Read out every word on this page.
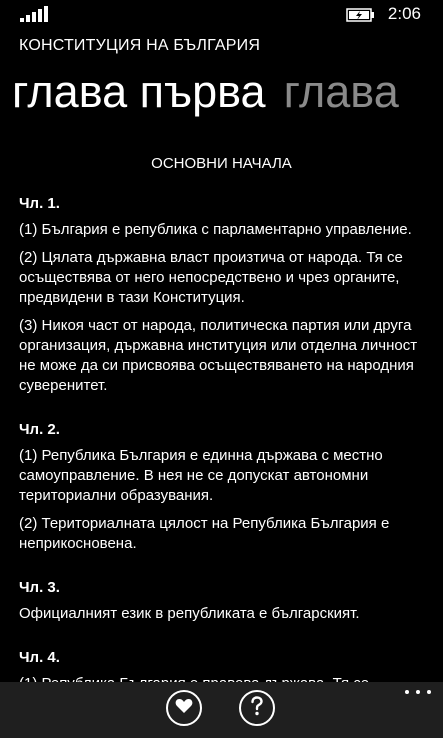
2:06
КОНСТИТУЦИЯ НА БЪЛГАРИЯ
глава първа глава
ОСНОВНИ НАЧАЛА
Чл. 1.
(1) България е република с парламентарно управление.
(2) Цялата държавна власт произтича от народа. Тя се осъществява от него непосредствено и чрез органите, предвидени в тази Конституция.
(3) Никоя част от народа, политическа партия или друга организация, държавна институция или отделна личност не може да си присвоява осъществяването на народния суверенитет.
Чл. 2.
(1) Република България е единна държава с местно самоуправление. В нея не се допускат автономни териториални образувания.
(2) Териториалната цялост на Република България е неприкосновена.
Чл. 3.
Официалният език в републиката е българският.
Чл. 4.
